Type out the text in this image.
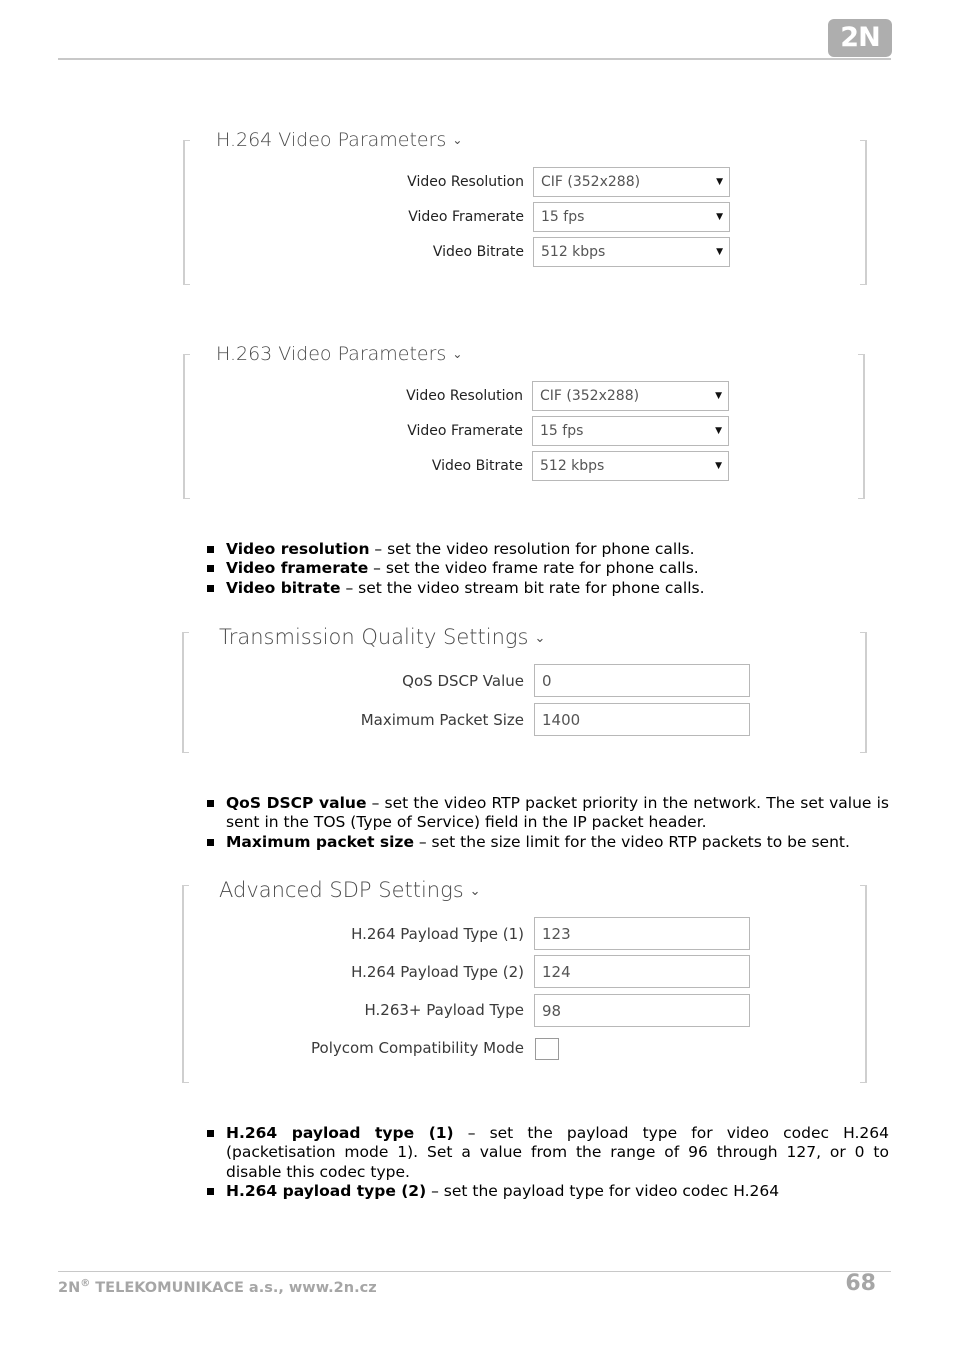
2N
H.264 Video Parameters ⌄
Video Resolution CIF (352x288)	▼
Video Framerate 15 fps	▼
Video Bitrate 512 kbps	▼
H.263 Video Parameters ⌄
Video Resolution CIF (352x288)	▼
Video Framerate 15 fps	▼
Video Bitrate 512 kbps	▼
Video resolution – set the video resolution for phone calls.
Video framerate – set the video frame rate for phone calls.
Video bitrate – set the video stream bit rate for phone calls.
Transmission Quality Settings ⌄
QoS DSCP Value 0
Maximum Packet Size 1400
QoS DSCP value – set the video RTP packet priority in the network. The set value is sent in the TOS (Type of Service) field in the IP packet header.
Maximum packet size – set the size limit for the video RTP packets to be sent.
Advanced SDP Settings ⌄
H.264 Payload Type (1) 123
H.264 Payload Type (2) 124
H.263+ Payload Type 98
Polycom Compatibility Mode
H.264 payload type (1) – set the payload type for video codec H.264 (packetisation mode 1). Set a value from the range of 96 through 127, or 0 to disable this codec type.
H.264 payload type (2) – set the payload type for video codec H.264
2N® TELEKOMUNIKACE a.s., www.2n.cz	68
